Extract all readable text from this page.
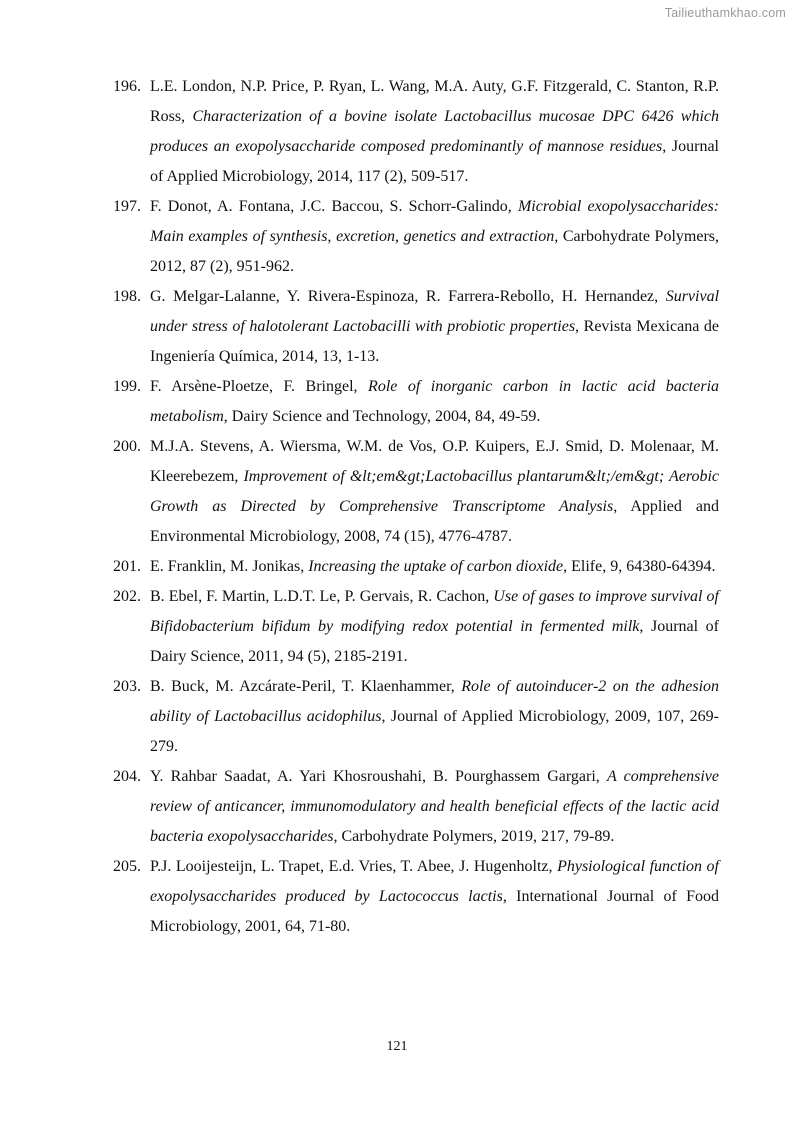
Tailieuthamkhao.com
196. L.E. London, N.P. Price, P. Ryan, L. Wang, M.A. Auty, G.F. Fitzgerald, C. Stanton, R.P. Ross, Characterization of a bovine isolate Lactobacillus mucosae DPC 6426 which produces an exopolysaccharide composed predominantly of mannose residues, Journal of Applied Microbiology, 2014, 117 (2), 509-517.
197. F. Donot, A. Fontana, J.C. Baccou, S. Schorr-Galindo, Microbial exopolysaccharides: Main examples of synthesis, excretion, genetics and extraction, Carbohydrate Polymers, 2012, 87 (2), 951-962.
198. G. Melgar-Lalanne, Y. Rivera-Espinoza, R. Farrera-Rebollo, H. Hernandez, Survival under stress of halotolerant Lactobacilli with probiotic properties, Revista Mexicana de Ingeniería Química, 2014, 13, 1-13.
199. F. Arsène-Ploetze, F. Bringel, Role of inorganic carbon in lactic acid bacteria metabolism, Dairy Science and Technology, 2004, 84, 49-59.
200. M.J.A. Stevens, A. Wiersma, W.M. de Vos, O.P. Kuipers, E.J. Smid, D. Molenaar, M. Kleerebezem, Improvement of &lt;em&gt;Lactobacillus plantarum&lt;/em&gt; Aerobic Growth as Directed by Comprehensive Transcriptome Analysis, Applied and Environmental Microbiology, 2008, 74 (15), 4776-4787.
201. E. Franklin, M. Jonikas, Increasing the uptake of carbon dioxide, Elife, 9, 64380-64394.
202. B. Ebel, F. Martin, L.D.T. Le, P. Gervais, R. Cachon, Use of gases to improve survival of Bifidobacterium bifidum by modifying redox potential in fermented milk, Journal of Dairy Science, 2011, 94 (5), 2185-2191.
203. B. Buck, M. Azcárate-Peril, T. Klaenhammer, Role of autoinducer-2 on the adhesion ability of Lactobacillus acidophilus, Journal of Applied Microbiology, 2009, 107, 269-279.
204. Y. Rahbar Saadat, A. Yari Khosroushahi, B. Pourghassem Gargari, A comprehensive review of anticancer, immunomodulatory and health beneficial effects of the lactic acid bacteria exopolysaccharides, Carbohydrate Polymers, 2019, 217, 79-89.
205. P.J. Looijesteijn, L. Trapet, E.d. Vries, T. Abee, J. Hugenholtz, Physiological function of exopolysaccharides produced by Lactococcus lactis, International Journal of Food Microbiology, 2001, 64, 71-80.
121
